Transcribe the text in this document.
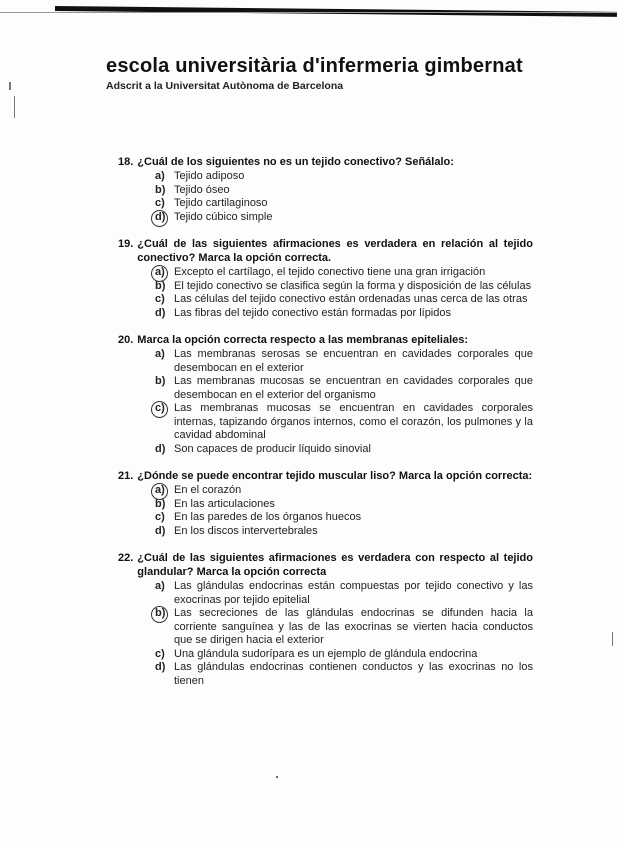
escola universitària d'infermeria gimbernat
Adscrit a la Universitat Autònoma de Barcelona
18. ¿Cuál de los siguientes no es un tejido conectivo? Señálalo:
a) Tejido adiposo
b) Tejido óseo
c) Tejido cartilaginoso
d) Tejido cúbico simple
19. ¿Cuál de las siguientes afirmaciones es verdadera en relación al tejido conectivo? Marca la opción correcta.
a) Excepto el cartílago, el tejido conectivo tiene una gran irrigación
b) El tejido conectivo se clasifica según la forma y disposición de las células
c) Las células del tejido conectivo están ordenadas unas cerca de las otras
d) Las fibras del tejido conectivo están formadas por lípidos
20. Marca la opción correcta respecto a las membranas epiteliales:
a) Las membranas serosas se encuentran en cavidades corporales que desembocan en el exterior
b) Las membranas mucosas se encuentran en cavidades corporales que desembocan en el exterior del organismo
c) Las membranas mucosas se encuentran en cavidades corporales internas, tapizando órganos internos, como el corazón, los pulmones y la cavidad abdominal
d) Son capaces de producir líquido sinovial
21. ¿Dónde se puede encontrar tejido muscular liso? Marca la opción correcta:
a) En el corazón
b) En las articulaciones
c) En las paredes de los órganos huecos
d) En los discos intervertebrales
22. ¿Cuál de las siguientes afirmaciones es verdadera con respecto al tejido glandular? Marca la opción correcta
a) Las glándulas endocrinas están compuestas por tejido conectivo y las exocrinas por tejido epitelial
b) Las secreciones de las glándulas endocrinas se difunden hacia la corriente sanguínea y las de las exocrinas se vierten hacia conductos que se dirigen hacia el exterior
c) Una glándula sudorípara es un ejemplo de glándula endocrina
d) Las glándulas endocrinas contienen conductos y las exocrinas no los tienen
